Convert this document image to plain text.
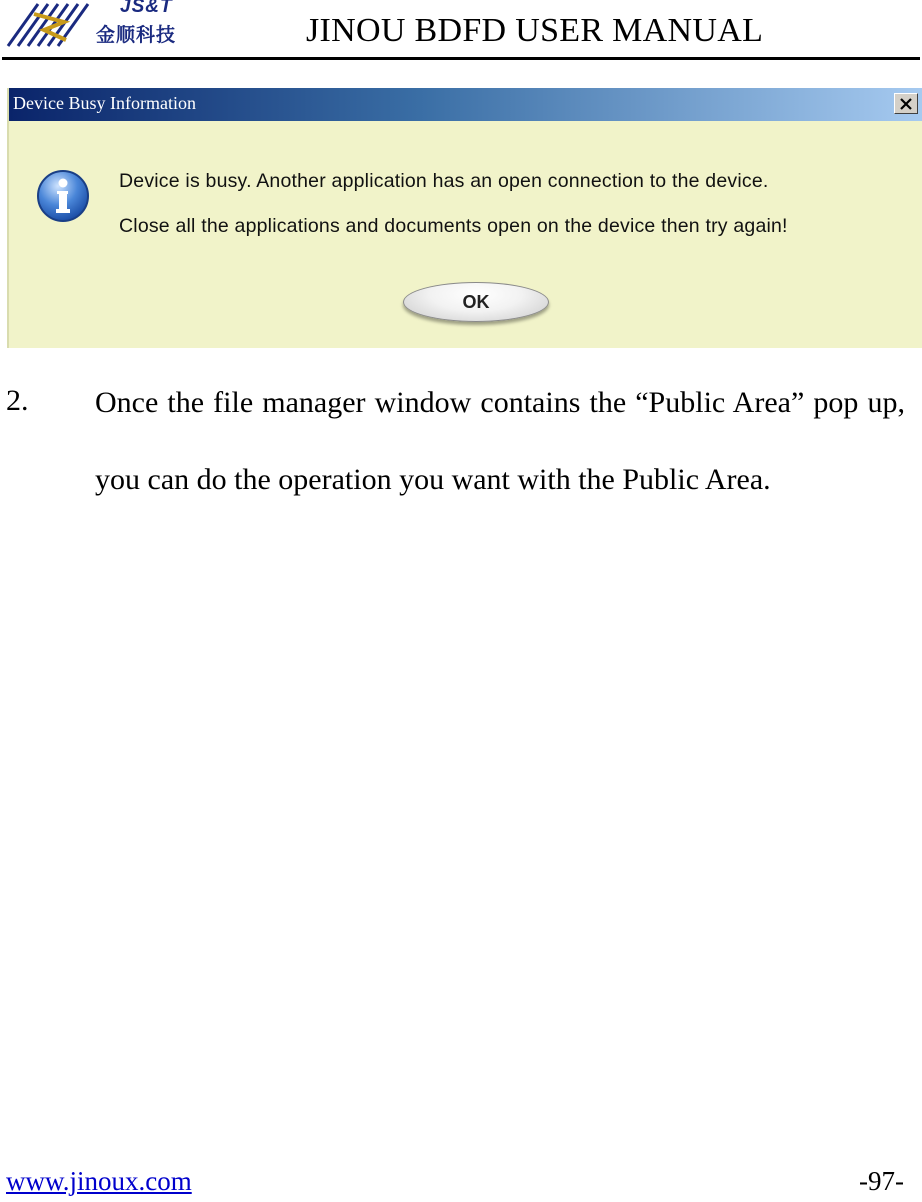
JS&T
金顺科技	JINOU BDFD USER MANUAL
Device Busy Information
Device is busy. Another application has an open connection to the device.
Close all the applications and documents open on the device then try again!
OK
2. Once the file manager window contains the “Public Area” pop up, you can do the operation you want with the Public Area.
www.jinoux.com	-97-
